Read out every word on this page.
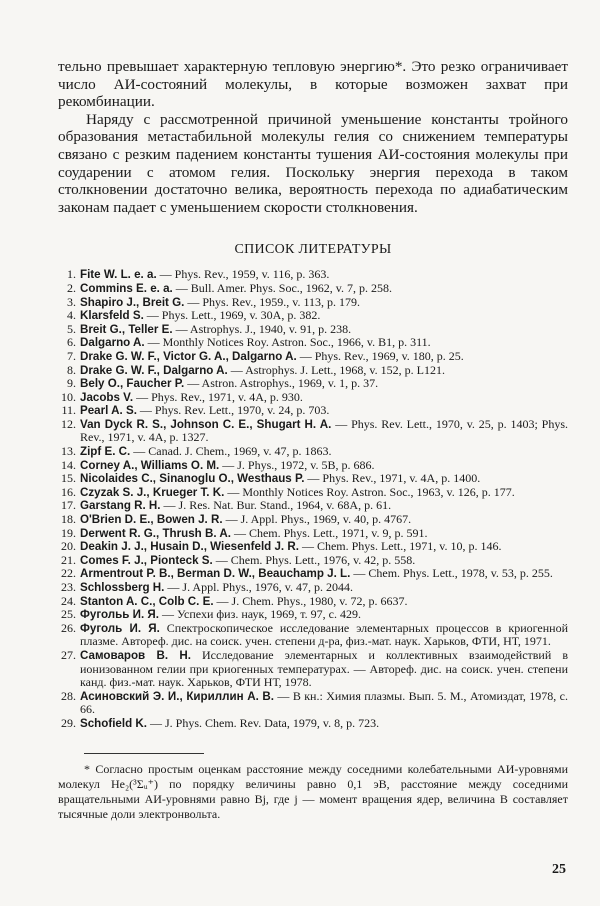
тельно превышает характерную тепловую энергию*. Это резко ограничивает число АИ-состояний молекулы, в которые возможен захват при рекомбинации.

Наряду с рассмотренной причиной уменьшение константы тройного образования метастабильной молекулы гелия со снижением температуры связано с резким падением константы тушения АИ-состояния молекулы при соударении с атомом гелия. Поскольку энергия перехода в таком столкновении достаточно велика, вероятность перехода по адиабатическим законам падает с уменьшением скорости столкновения.

СПИСОК ЛИТЕРАТУРЫ
1. Fite W. L. e. a. — Phys. Rev., 1959, v. 116, p. 363.
2. Commins E. e. a. — Bull. Amer. Phys. Soc., 1962, v. 7, p. 258.
3. Shapiro J., Breit G. — Phys. Rev., 1959., v. 113, p. 179.
4. Klarsfeld S. — Phys. Lett., 1969, v. 30A, p. 382.
5. Breit G., Teller E. — Astrophys. J., 1940, v. 91, p. 238.
6. Dalgarno A. — Monthly Notices Roy. Astron. Soc., 1966, v. B1, p. 311.
7. Drake G. W. F., Victor G. A., Dalgarno A. — Phys. Rev., 1969, v. 180, p. 25.
8. Drake G. W. F., Dalgarno A. — Astrophys. J. Lett., 1968, v. 152, p. L121.
9. Bely O., Faucher P. — Astron. Astrophys., 1969, v. 1, p. 37.
10. Jacobs V. — Phys. Rev., 1971, v. 4A, p. 930.
11. Pearl A. S. — Phys. Rev. Lett., 1970, v. 24, p. 703.
12. Van Dyck R. S., Johnson C. E., Shugart H. A. — Phys. Rev. Lett., 1970, v. 25, p. 1403; Phys. Rev., 1971, v. 4A, p. 1327.
13. Zipf E. C. — Canad. J. Chem., 1969, v. 47, p. 1863.
14. Corney A., Williams O. M. — J. Phys., 1972, v. 5B, p. 686.
15. Nicolaides C., Sinanoglu O., Westhaus P. — Phys. Rev., 1971, v. 4A, p. 1400.
16. Czyzak S. J., Krueger T. K. — Monthly Notices Roy. Astron. Soc., 1963, v. 126, p. 177.
17. Garstang R. H. — J. Res. Nat. Bur. Stand., 1964, v. 68A, p. 61.
18. O'Brien D. E., Bowen J. R. — J. Appl. Phys., 1969, v. 40, p. 4767.
19. Derwent R. G., Thrush B. A. — Chem. Phys. Lett., 1971, v. 9, p. 591.
20. Deakin J. J., Husain D., Wiesenfeld J. R. — Chem. Phys. Lett., 1971, v. 10, p. 146.
21. Comes F. J., Pionteck S. — Chem. Phys. Lett., 1976, v. 42, p. 558.
22. Armentrout P. B., Berman D. W., Beauchamp J. L. — Chem. Phys. Lett., 1978, v. 53, p. 255.
23. Schlossberg H. — J. Appl. Phys., 1976, v. 47, p. 2044.
24. Stanton A. C., Colb C. E. — J. Chem. Phys., 1980, v. 72, p. 6637.
25. Фугольь И. Я. — Успехи физ. наук, 1969, т. 97, с. 429.
26. Фуголь И. Я. Спектроскопическое исследование элементарных процессов в криогенной плазме. Автореф. дис. на соиск. учен. степени д-ра, физ.-мат. наук. Харьков, ФТИ, НТ, 1971.
27. Самоваров В. Н. Исследование элементарных и коллективных взаимодействий в ионизованном гелии при криогенных температурах. — Автореф. дис. на соиск. учен. степени канд. физ.-мат. наук. Харьков, ФТИ НТ, 1978.
28. Асиновский Э. И., Кириллин А. В. — В кн.: Химия плазмы. Вып. 5. М., Атомиздат, 1978, с. 66.
29. Schofield K. — J. Phys. Chem. Rev. Data, 1979, v. 8, p. 723.

* Согласно простым оценкам расстояние между соседними колебательными АИ-уровнями молекул He₂(³Σᵤ⁺) по порядку величины равно 0,1 эВ, расстояние между соседними вращательными АИ-уровнями равно Bj, где j — момент вращения ядер, величина B составляет тысячные доли электронвольта.

25
